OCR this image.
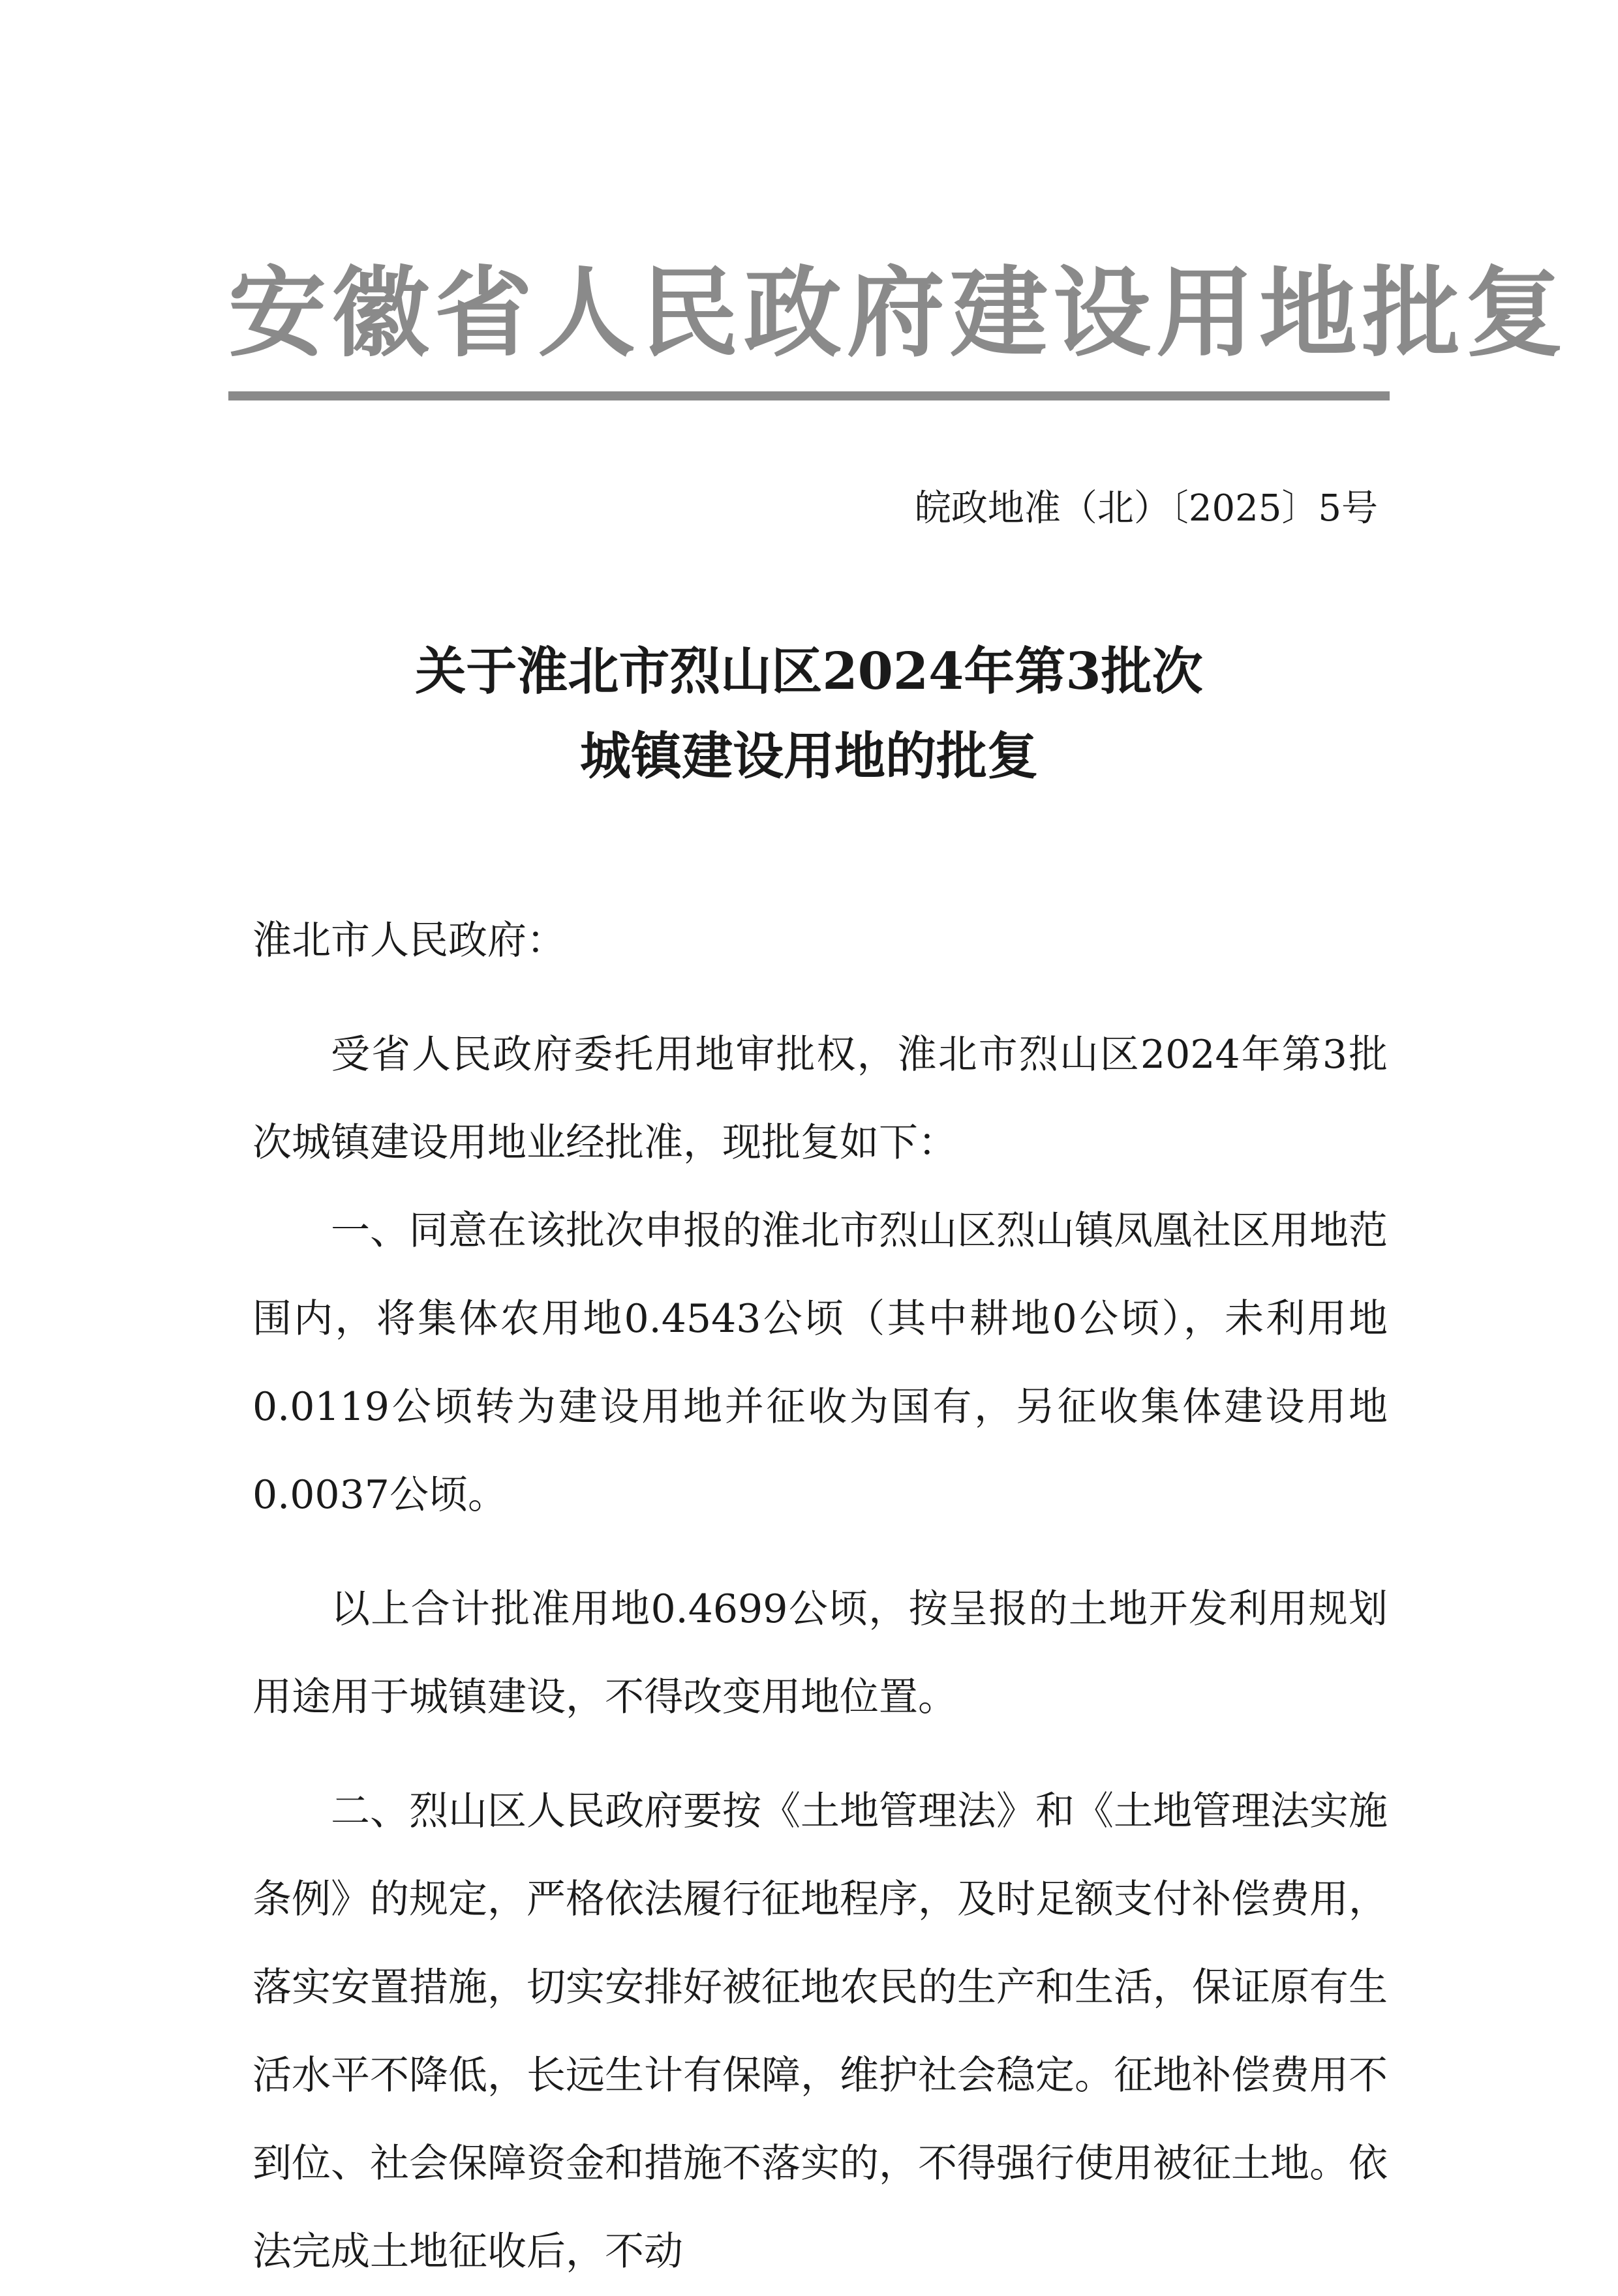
安徽省人民政府建设用地批复
皖政地准（北）〔2025〕5号
关于淮北市烈山区2024年第3批次
城镇建设用地的批复

淮北市人民政府：

受省人民政府委托用地审批权，淮北市烈山区2024年第3批次城镇建设用地业经批准，现批复如下：

一、同意在该批次申报的淮北市烈山区烈山镇凤凰社区用地范围内，将集体农用地0.4543公顷（其中耕地0公顷），未利用地0.0119公顷转为建设用地并征收为国有，另征收集体建设用地0.0037公顷。

以上合计批准用地0.4699公顷，按呈报的土地开发利用规划用途用于城镇建设，不得改变用地位置。

二、烈山区人民政府要按《土地管理法》和《土地管理法实施条例》的规定，严格依法履行征地程序，及时足额支付补偿费用，落实安置措施，切实安排好被征地农民的生产和生活，保证原有生活水平不降低，长远生计有保障，维护社会稳定。征地补偿费用不到位、社会保障资金和措施不落实的，不得强行使用被征土地。依法完成土地征收后，不动
